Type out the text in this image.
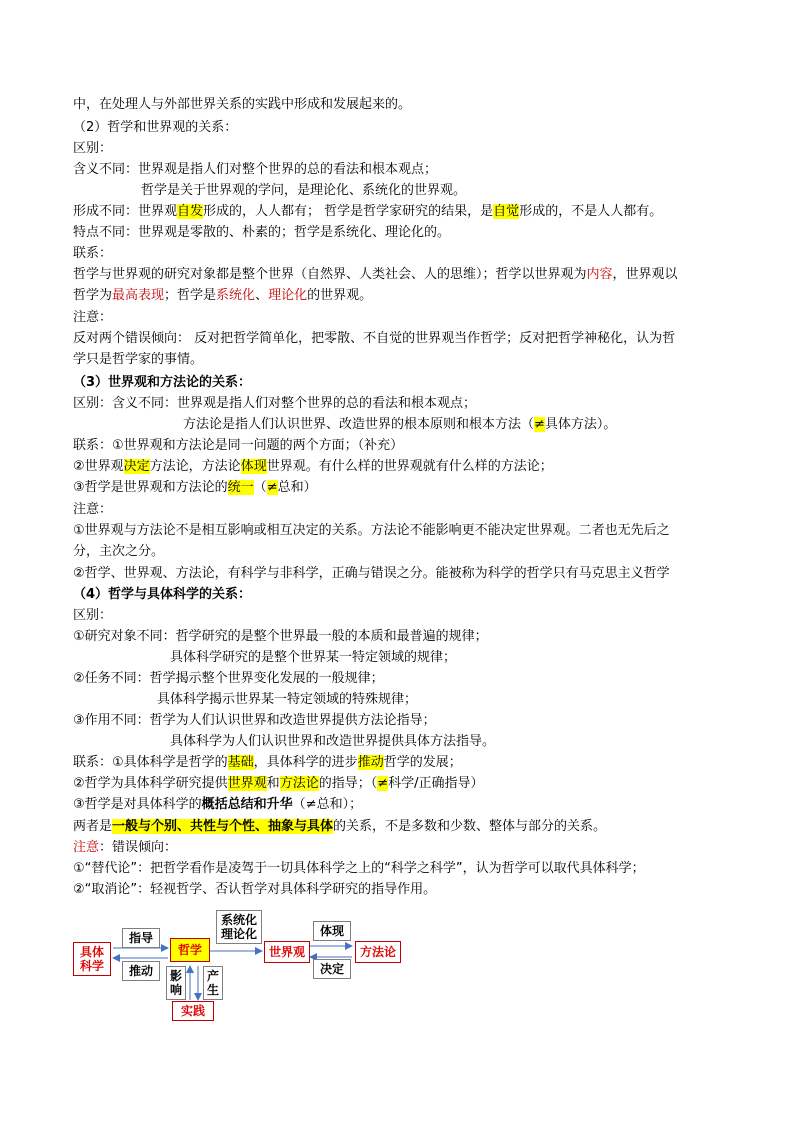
中，在处理人与外部世界关系的实践中形成和发展起来的。
（2）哲学和世界观的关系：
区别：
含义不同：世界观是指人们对整个世界的总的看法和根本观点；
哲学是关于世界观的学问，是理论化、系统化的世界观。
形成不同：世界观自发形成的，人人都有； 哲学是哲学家研究的结果，是自觉形成的，不是人人都有。
特点不同：世界观是零散的、朴素的；哲学是系统化、理论化的。
联系：
哲学与世界观的研究对象都是整个世界（自然界、人类社会、人的思维）；哲学以世界观为内容，世界观以
哲学为最高表现；哲学是系统化、理论化的世界观。
注意：
反对两个错误倾向： 反对把哲学简单化，把零散、不自觉的世界观当作哲学；反对把哲学神秘化，认为哲
学只是哲学家的事情。
（3）世界观和方法论的关系：
区别：含义不同：世界观是指人们对整个世界的总的看法和根本观点；
方法论是指人们认识世界、改造世界的根本原则和根本方法（≠具体方法）。
联系：①世界观和方法论是同一问题的两个方面；（补充）
②世界观决定方法论，方法论体现世界观。有什么样的世界观就有什么样的方法论；
③哲学是世界观和方法论的统一（≠总和）
注意：
①世界观与方法论不是相互影响或相互决定的关系。方法论不能影响更不能决定世界观。二者也无先后之
分，主次之分。
②哲学、世界观、方法论，有科学与非科学，正确与错误之分。能被称为科学的哲学只有马克思主义哲学
（4）哲学与具体科学的关系：
区别：
①研究对象不同：哲学研究的是整个世界最一般的本质和最普遍的规律；
具体科学研究的是整个世界某一特定领域的规律；
②任务不同：哲学揭示整个世界变化发展的一般规律；
具体科学揭示世界某一特定领域的特殊规律；
③作用不同：哲学为人们认识世界和改造世界提供方法论指导；
具体科学为人们认识世界和改造世界提供具体方法指导。
联系：①具体科学是哲学的基础，具体科学的进步推动哲学的发展；
②哲学为具体科学研究提供世界观和方法论的指导；（≠科学/正确指导）
③哲学是对具体科学的概括总结和升华（≠总和）；
两者是一般与个别、共性与个性、抽象与具体的关系，不是多数和少数、整体与部分的关系。
注意：错误倾向：
①“替代论”：把哲学看作是凌驾于一切具体科学之上的“科学之科学”，认为哲学可以取代具体科学；
②“取消论”：轻视哲学、否认哲学对具体科学研究的指导作用。
具体
科学
指导
推动
哲学
系统化
理论化
世界观
体现
决定
方法论
影
响
产
生
实践
